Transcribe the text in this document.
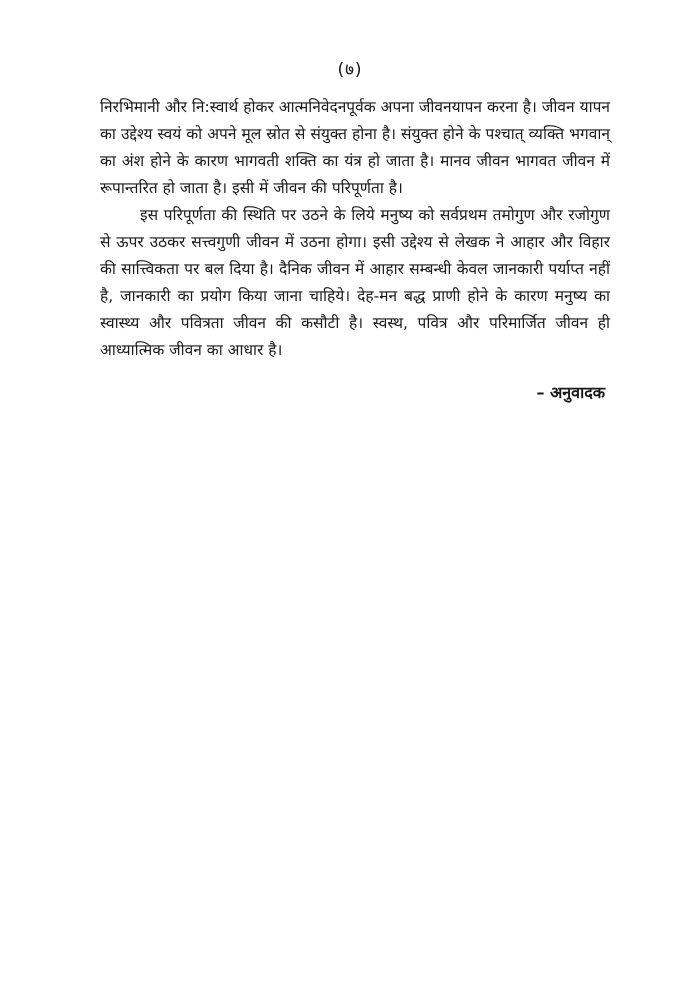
(७)

निरभिमानी और नि:स्वार्थ होकर आत्मनिवेदनपूर्वक अपना जीवनयापन करना है। जीवन यापन का उद्देश्य स्वयं को अपने मूल स्रोत से संयुक्त होना है। संयुक्त होने के पश्चात् व्यक्ति भगवान् का अंश होने के कारण भागवती शक्ति का यंत्र हो जाता है। मानव जीवन भागवत जीवन में रूपान्तरित हो जाता है। इसी में जीवन की परिपूर्णता है।

इस परिपूर्णता की स्थिति पर उठने के लिये मनुष्य को सर्वप्रथम तमोगुण और रजोगुण से ऊपर उठकर सत्त्वगुणी जीवन में उठना होगा। इसी उद्देश्य से लेखक ने आहार और विहार की सात्त्विकता पर बल दिया है। दैनिक जीवन में आहार सम्बन्धी केवल जानकारी पर्याप्त नहीं है, जानकारी का प्रयोग किया जाना चाहिये। देह-मन बद्ध प्राणी होने के कारण मनुष्य का स्वास्थ्य और पवित्रता जीवन की कसौटी है। स्वस्थ, पवित्र और परिमार्जित जीवन ही आध्यात्मिक जीवन का आधार है।

– अनुवादक
